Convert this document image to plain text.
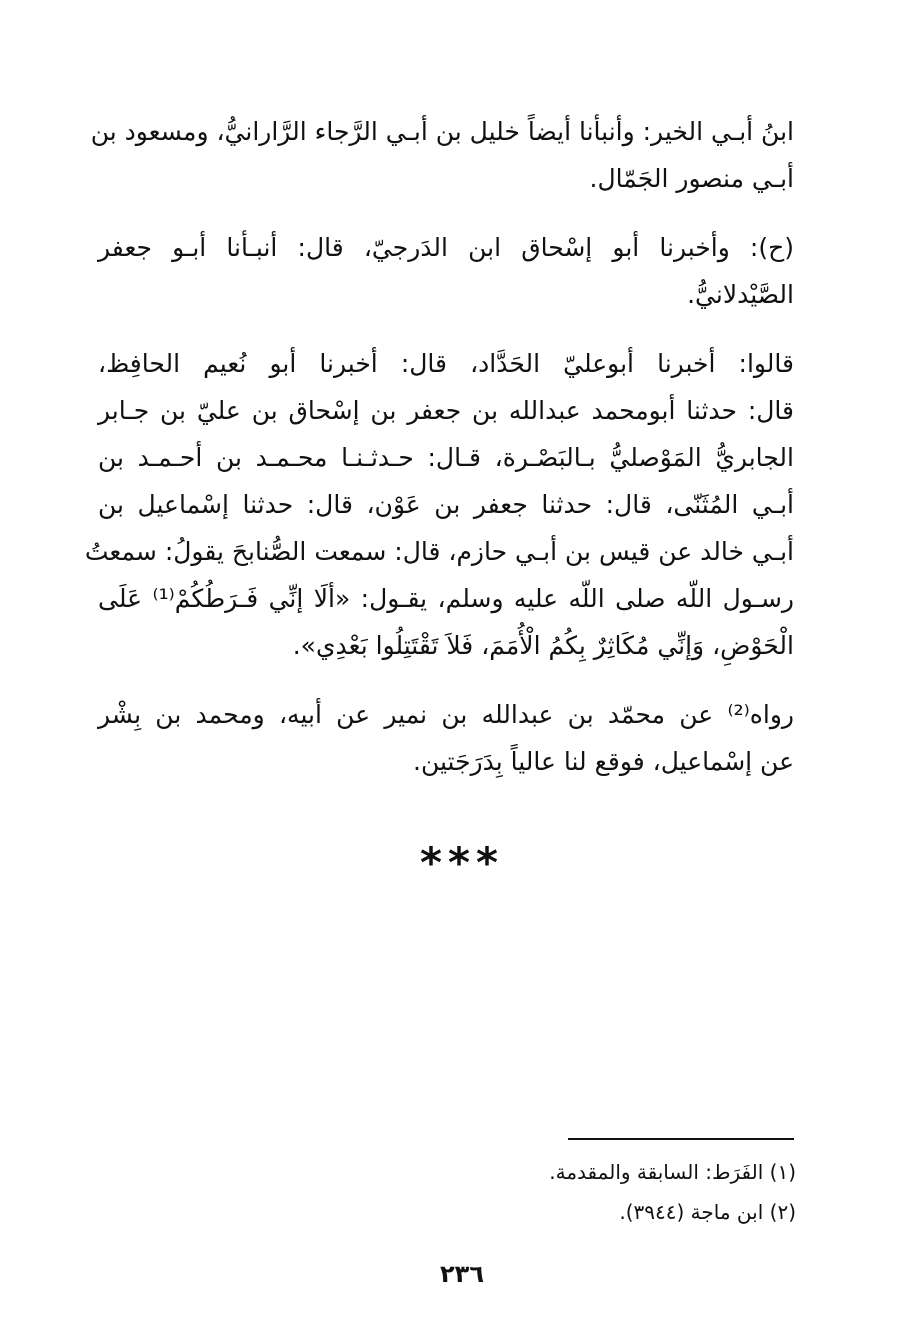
ابنُ أبـي الخير: وأنبأنا أيضاً خليل بن أبـي الرَّجاء الرَّارانيُّ، ومسعود بن
أبـي منصور الجَمّال.

(ح): وأخبرنا أبو إسْحاق ابن الدَرجيّ، قال: أنبـأنا أبـو جعفر
الصَّيْدلانيُّ.

قالوا: أخبرنا أبوعليّ الحَدَّاد، قال: أخبرنا أبو نُعيم الحافِظ،
قال: حدثنا أبومحمد عبدالله بن جعفر بن إسْحاق بن عليّ بن جـابر
الجابريُّ المَوْصليُّ بـالبَصْـرة، قـال: حـدثـنـا محـمـد بن أحـمـد بن
أبـي المُثَنّى، قال: حدثنا جعفر بن عَوْن، قال: حدثنا إسْماعيل بن
أبـي خالد عن قيس بن أبـي حازم، قال: سمعت الصُّنابحَ يقولُ: سمعتُ
رسـول اللّه صلى اللّه عليه وسلم، يقـول: «ألَا إنِّي فَـرَطُكُمْ⁽¹⁾ عَلَى
الْحَوْضِ، وَإنِّي مُكَاثِرٌ بِكُمُ الْأُمَمَ، فَلاَ تَقْتَتِلُوا بَعْدِي».

رواه⁽²⁾ عن محمّد بن عبدالله بن نمير عن أبيه، ومحمد بن بِشْر
عن إسْماعيل، فوقع لنا عالياً بِدَرَجَتين.

***
(١) الفَرَط: السابقة والمقدمة.
(٢) ابن ماجة (٣٩٤٤).
٢٣٦
